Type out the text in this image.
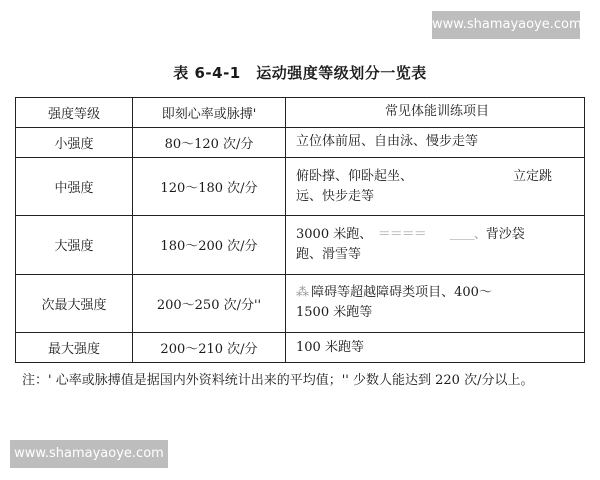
www.shamayaoye.com
表 6-4-1　运动强度等级划分一览表
强度等级	即刻心率或脉搏'	常见体能训练项目
小强度	80～120 次/分	立位体前屈、自由泳、慢步走等
中强度	120～180 次/分	俯卧撑、仰卧起坐、 立定跳
远、快步走等
大强度	180～200 次/分	3000 米跑、　＝＝＝＝　　＿＿、背沙袋
跑、滑雪等
次最大强度	200～250 次/分''	⁂ 障碍等超越障碍类项目、400～
1500 米跑等
最大强度	200～210 次/分	100 米跑等
注：' 心率或脉搏值是据国内外资料统计出来的平均值；'' 少数人能达到 220 次/分以上。
www.shamayaoye.com
